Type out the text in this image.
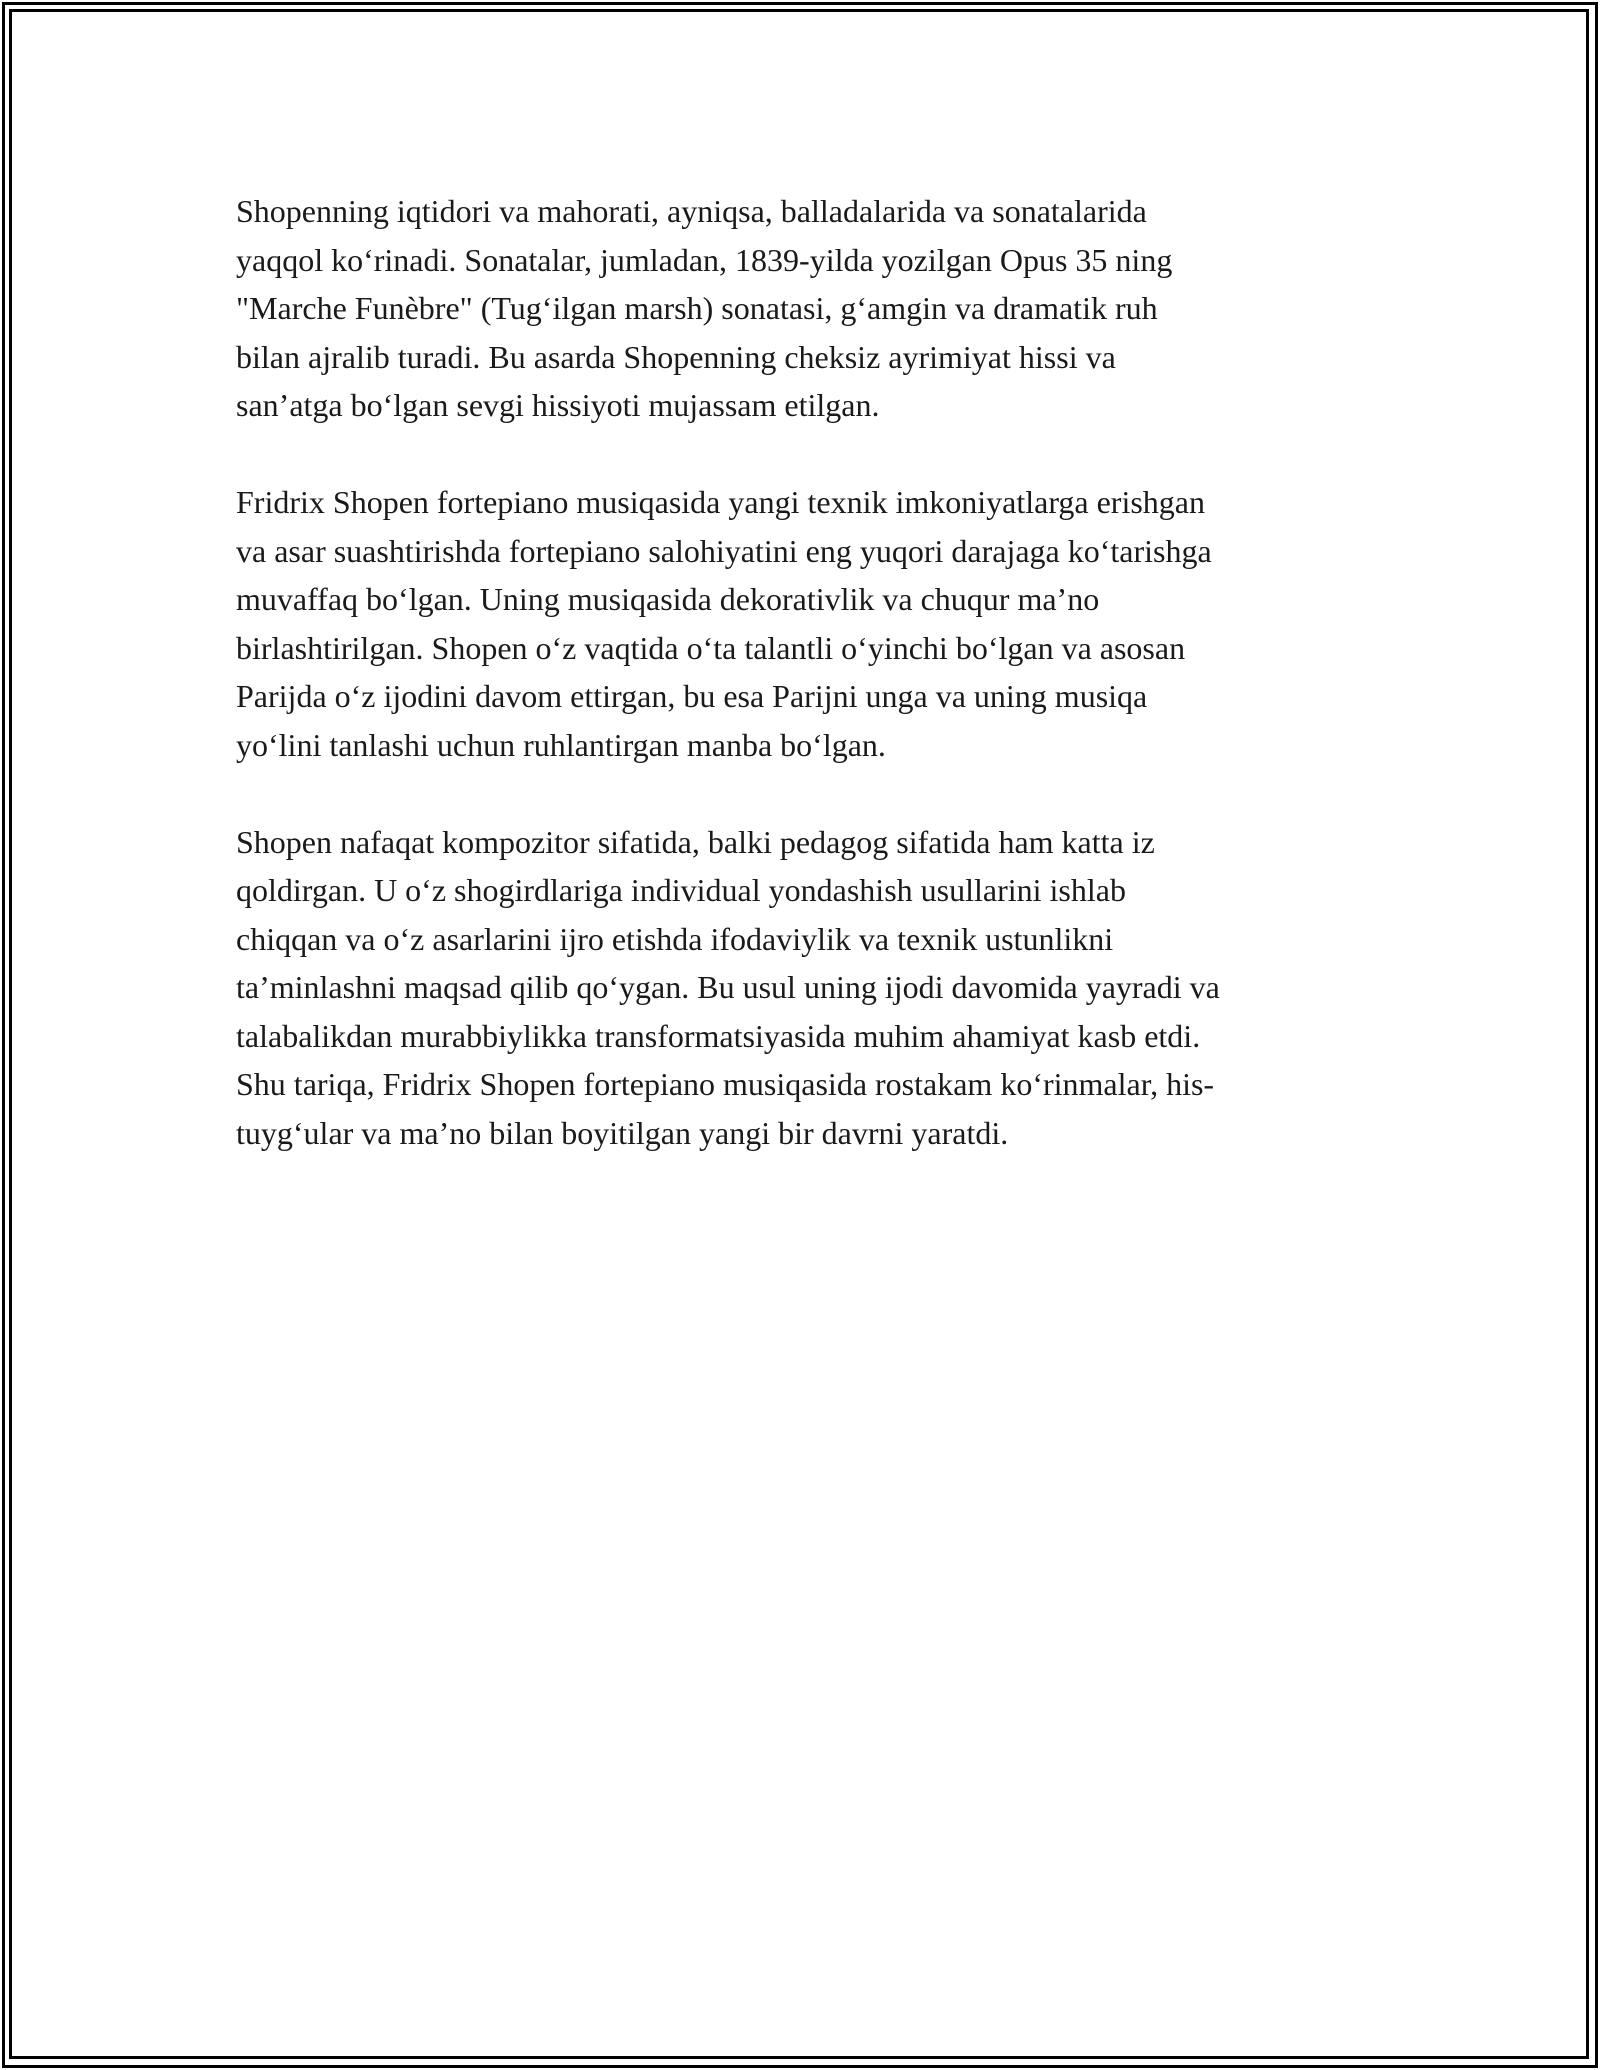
Shopenning iqtidori va mahorati, ayniqsa, balladalarida va sonatalarida
yaqqol ko‘rinadi. Sonatalar, jumladan, 1839-yilda yozilgan Opus 35 ning
"Marche Funèbre" (Tug‘ilgan marsh) sonatasi, g‘amgin va dramatik ruh
bilan ajralib turadi. Bu asarda Shopenning cheksiz ayrimiyat hissi va
san’atga bo‘lgan sevgi hissiyoti mujassam etilgan.

Fridrix Shopen fortepiano musiqasida yangi texnik imkoniyatlarga erishgan
va asar suashtirishda fortepiano salohiyatini eng yuqori darajaga ko‘tarishga
muvaffaq bo‘lgan. Uning musiqasida dekorativlik va chuqur ma’no
birlashtirilgan. Shopen o‘z vaqtida o‘ta talantli o‘yinchi bo‘lgan va asosan
Parijda o‘z ijodini davom ettirgan, bu esa Parijni unga va uning musiqa
yo‘lini tanlashi uchun ruhlantirgan manba bo‘lgan.

Shopen nafaqat kompozitor sifatida, balki pedagog sifatida ham katta iz
qoldirgan. U o‘z shogirdlariga individual yondashish usullarini ishlab
chiqqan va o‘z asarlarini ijro etishda ifodaviylik va texnik ustunlikni
ta’minlashni maqsad qilib qo‘ygan. Bu usul uning ijodi davomida yayradi va
talabalikdan murabbiylikka transformatsiyasida muhim ahamiyat kasb etdi.
Shu tariqa, Fridrix Shopen fortepiano musiqasida rostakam ko‘rinmalar, his-
tuyg‘ular va ma’no bilan boyitilgan yangi bir davrni yaratdi.
